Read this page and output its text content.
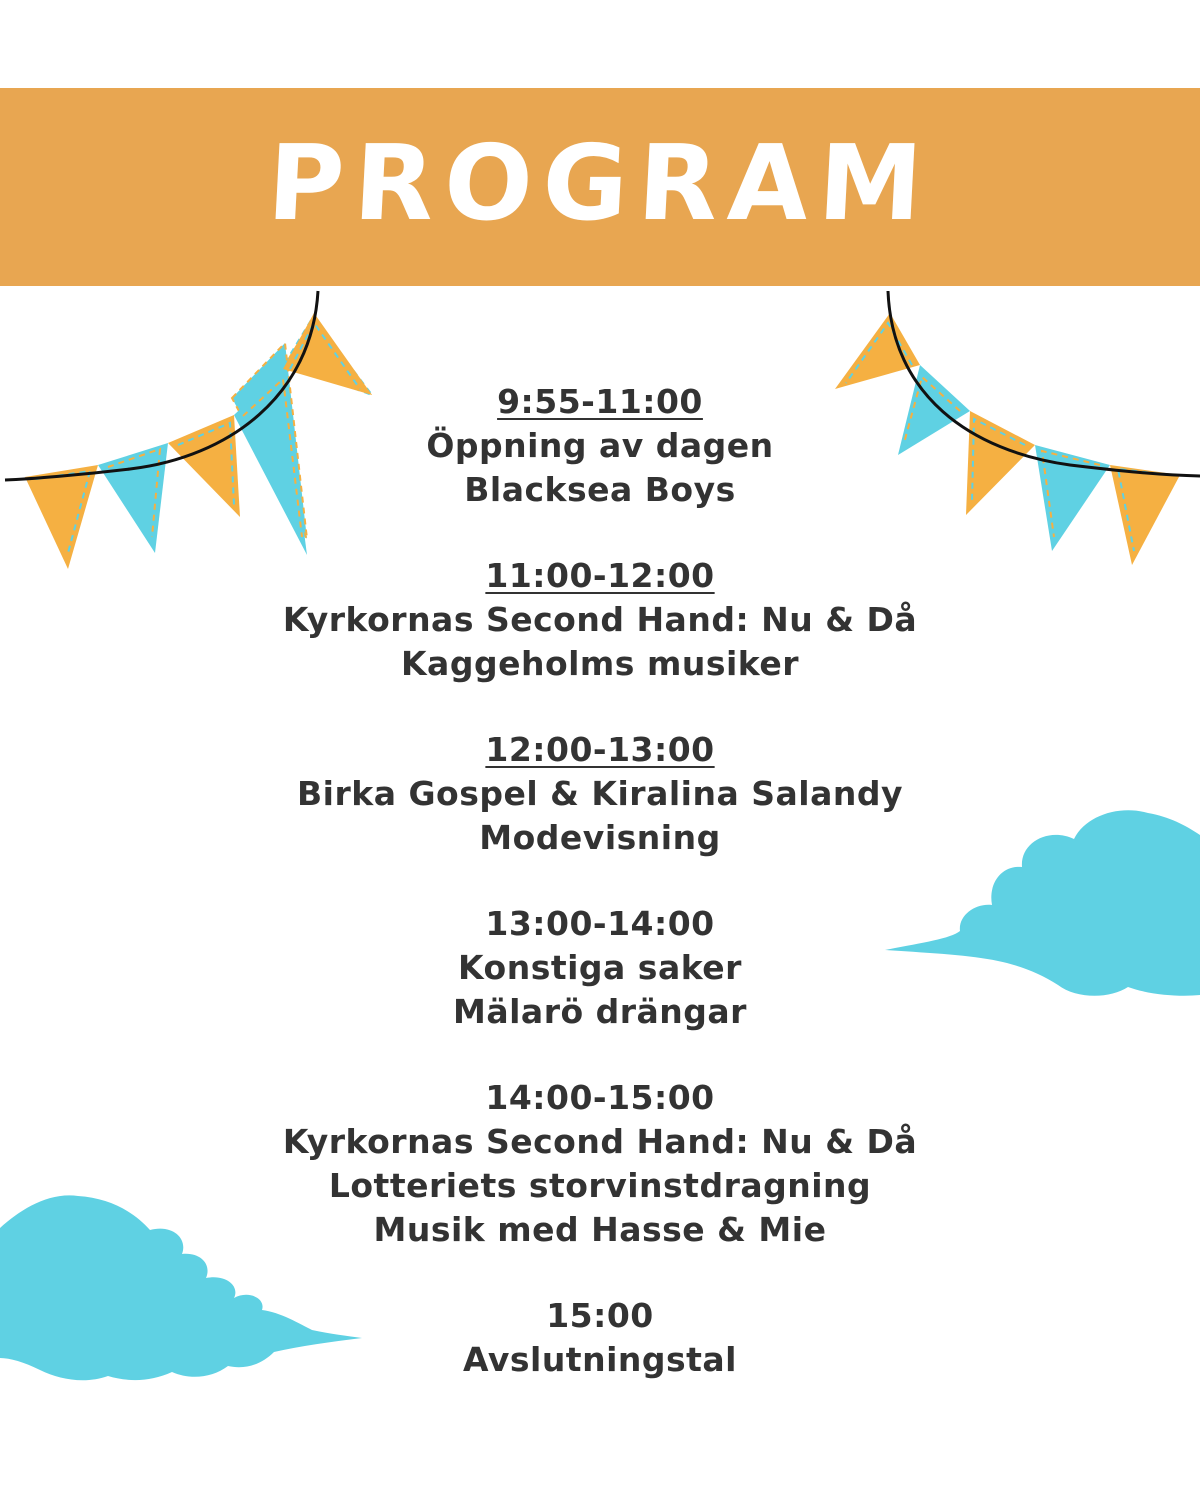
PROGRAM
9:55-11:00
Öppning av dagen
Blacksea Boys
11:00-12:00
Kyrkornas Second Hand: Nu & Då
Kaggeholms musiker
12:00-13:00
Birka Gospel & Kiralina Salandy
Modevisning
13:00-14:00
Konstiga saker
Mälarö drängar
14:00-15:00
Kyrkornas Second Hand: Nu & Då
Lotteriets storvinstdragning
Musik med Hasse & Mie
15:00
Avslutningstal
